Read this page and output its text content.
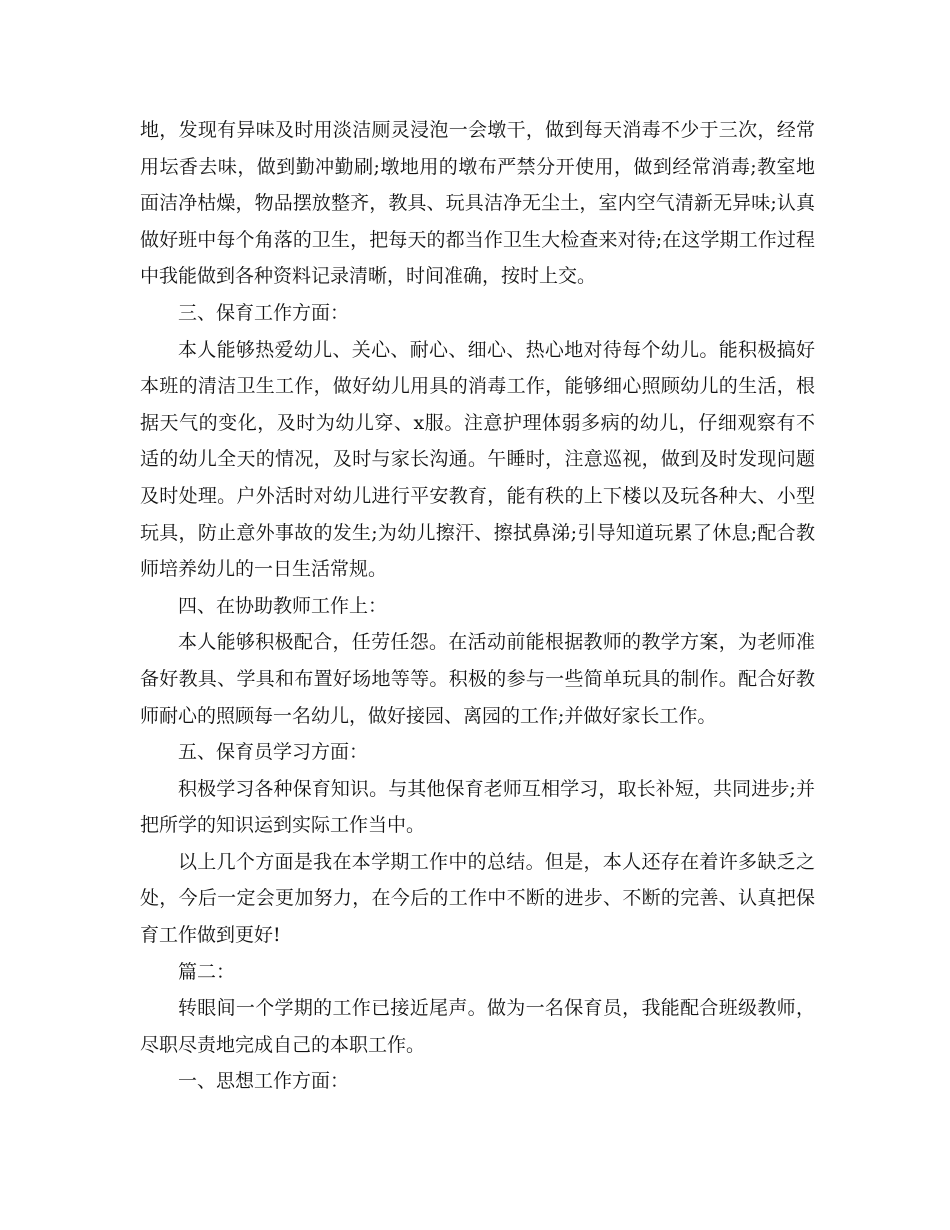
地，发现有异味及时用淡洁厕灵浸泡一会墩干，做到每天消毒不少于三次，经常用坛香去味，做到勤冲勤刷;墩地用的墩布严禁分开使用，做到经常消毒;教室地面洁净枯燥，物品摆放整齐，教具、玩具洁净无尘土，室内空气清新无异味;认真做好班中每个角落的卫生，把每天的都当作卫生大检查来对待;在这学期工作过程中我能做到各种资料记录清晰，时间准确，按时上交。

三、保育工作方面：

本人能够热爱幼儿、关心、耐心、细心、热心地对待每个幼儿。能积极搞好本班的清洁卫生工作，做好幼儿用具的消毒工作，能够细心照顾幼儿的生活，根据天气的变化，及时为幼儿穿、x服。注意护理体弱多病的幼儿，仔细观察有不适的幼儿全天的情况，及时与家长沟通。午睡时，注意巡视，做到及时发现问题及时处理。户外活时对幼儿进行平安教育，能有秩的上下楼以及玩各种大、小型玩具，防止意外事故的发生;为幼儿擦汗、擦拭鼻涕;引导知道玩累了休息;配合教师培养幼儿的一日生活常规。

四、在协助教师工作上：

本人能够积极配合，任劳任怨。在活动前能根据教师的教学方案，为老师准备好教具、学具和布置好场地等等。积极的参与一些简单玩具的制作。配合好教师耐心的照顾每一名幼儿，做好接园、离园的工作;并做好家长工作。

五、保育员学习方面：

积极学习各种保育知识。与其他保育老师互相学习，取长补短，共同进步;并把所学的知识运到实际工作当中。

以上几个方面是我在本学期工作中的总结。但是，本人还存在着许多缺乏之处，今后一定会更加努力，在今后的工作中不断的进步、不断的完善、认真把保育工作做到更好!

篇二：

转眼间一个学期的工作已接近尾声。做为一名保育员，我能配合班级教师，尽职尽责地完成自己的本职工作。

一、思想工作方面：
